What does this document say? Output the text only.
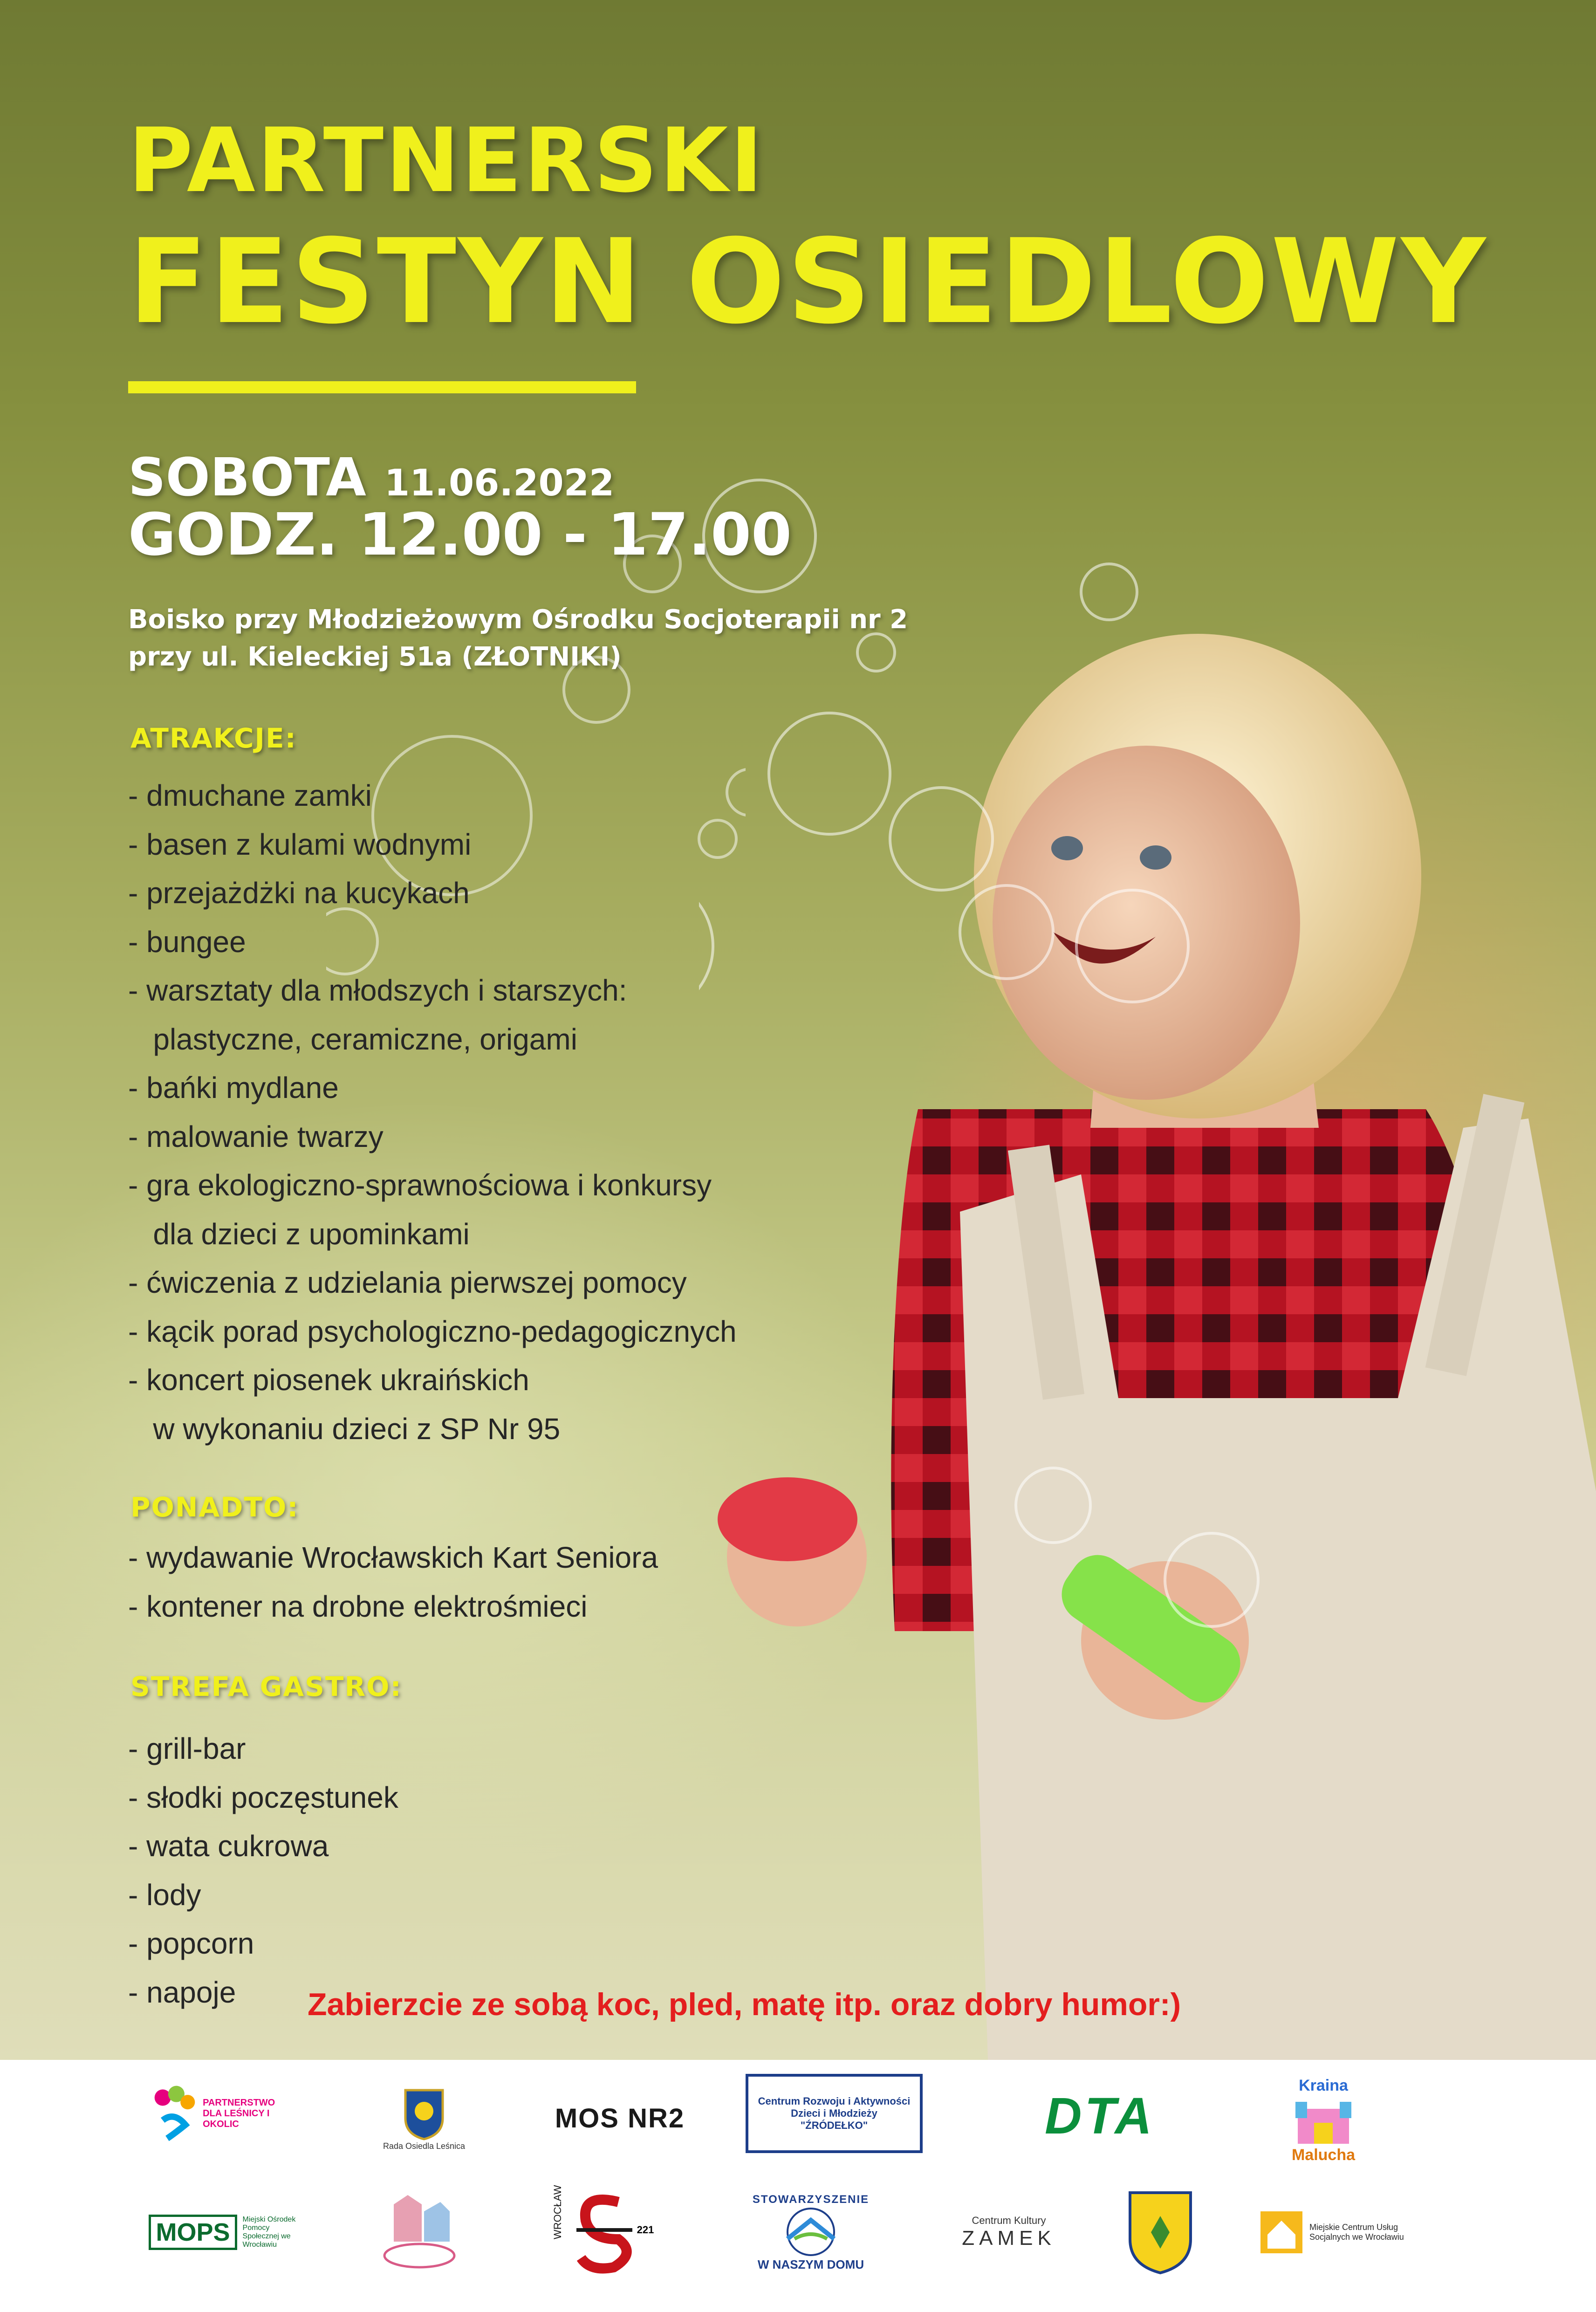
PARTNERSKI
FESTYN OSIEDLOWY
SOBOTA 11.06.2022
GODZ. 12.00 - 17.00
Boisko przy Młodzieżowym Ośrodku Socjoterapii nr 2
przy ul. Kieleckiej 51a (ZŁOTNIKI)
ATRAKCJE:
- dmuchane zamki
- basen z kulami wodnymi
- przejażdżki na kucykach
- bungee
- warsztaty dla młodszych i starszych:
plastyczne, ceramiczne, origami
- bańki mydlane
- malowanie twarzy
- gra ekologiczno-sprawnościowa i konkursy
dla dzieci z upominkami
- ćwiczenia z udzielania pierwszej pomocy
- kącik porad psychologiczno-pedagogicznych
- koncert piosenek ukraińskich
w wykonaniu dzieci z SP Nr 95
PONADTO:
- wydawanie Wrocławskich Kart Seniora
- kontener na drobne elektrośmieci
STREFA GASTRO:
- grill-bar
- słodki poczęstunek
- wata cukrowa
- lody
- popcorn
- napoje	Zabierzcie ze sobą koc, pled, matę itp. oraz dobry humor:)
PARTNERSTWO DLA LEŚNICY I OKOLIC
Rada Osiedla Leśnica
MOS NR2
Centrum Rozwoju i Aktywności Dzieci i Młodzieży "ŹRÓDEŁKO"	DTA
Kraina
Malucha
MOPS	Miejski Ośrodek Pomocy Społecznej we Wrocławiu
WROCŁAW	221
STOWARZYSZENIE
W NASZYM DOMU
Centrum Kultury
ZAMEK	Miejskie Centrum Usług Socjalnych we Wrocławiu
